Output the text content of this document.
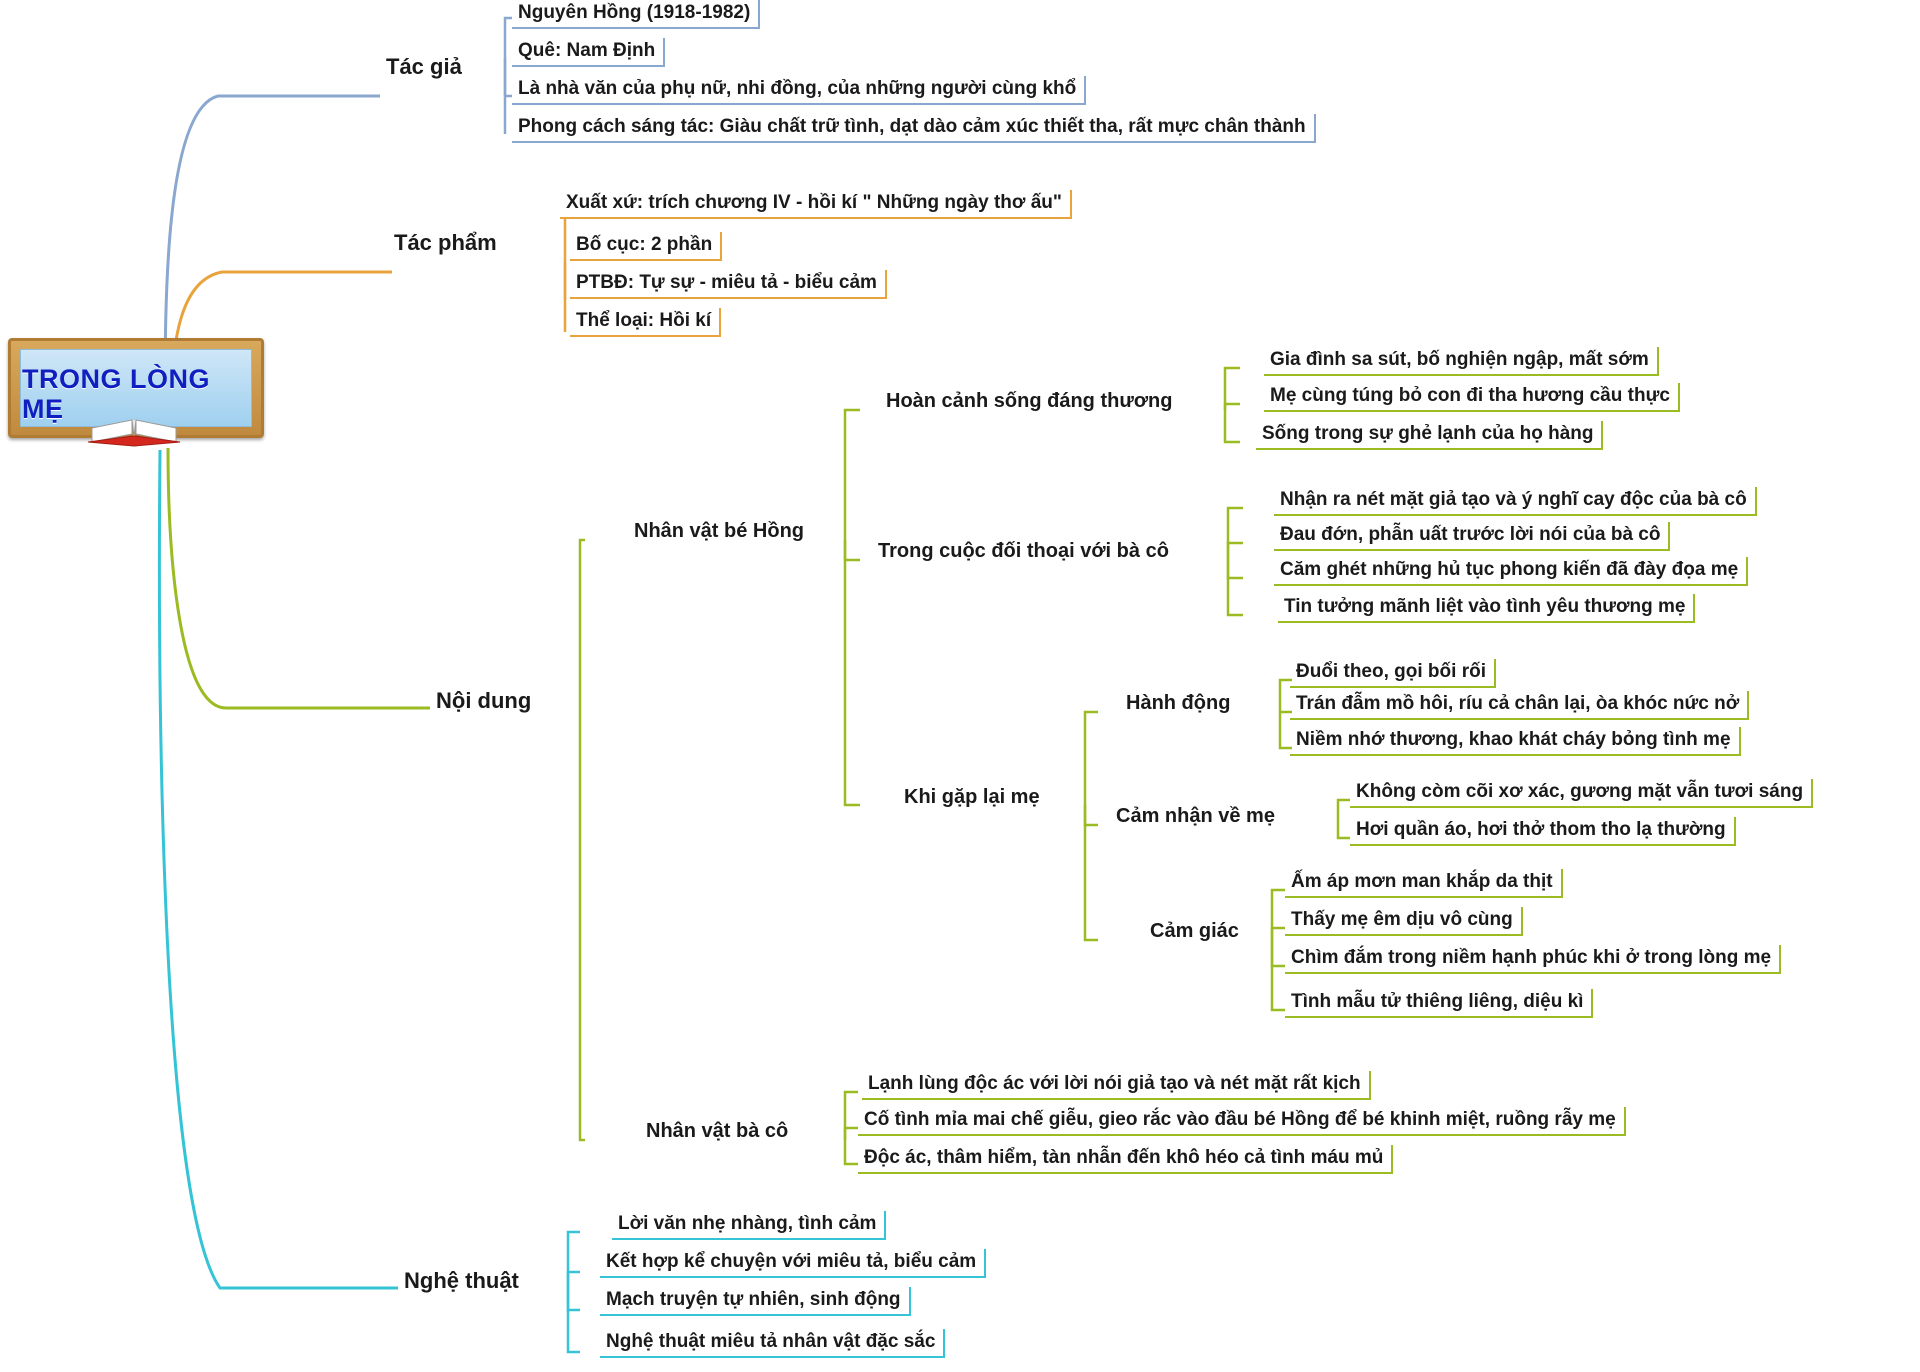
TRONG LÒNG MẸ
Tác giả
Nguyên Hồng (1918-1982)
Quê: Nam Định
Là nhà văn của phụ nữ, nhi đồng, của những người cùng khổ
Phong cách sáng tác: Giàu chất trữ tình, dạt dào cảm xúc thiết tha, rất mực chân thành
Tác phẩm
Xuất xứ: trích chương IV - hồi kí " Những ngày thơ ấu"
Bố cục: 2 phần
PTBĐ: Tự sự - miêu tả - biểu cảm
Thể loại: Hồi kí
Nội dung
Nhân vật bé Hồng
Hoàn cảnh sống đáng thương
Gia đình sa sút, bố nghiện ngập, mất sớm
Mẹ cùng túng bỏ con đi tha hương cầu thực
Sống trong sự ghẻ lạnh của họ hàng
Trong cuộc đối thoại với bà cô
Nhận ra nét mặt giả tạo và ý nghĩ cay độc của bà cô
Đau đớn, phẫn uất trước lời nói của bà cô
Căm ghét những hủ tục phong kiến đã đày đọa mẹ
Tin tưởng mãnh liệt vào tình yêu thương mẹ
Khi gặp lại mẹ
Hành động
Đuổi theo, gọi bối rối
Trán đẫm mồ hôi, ríu cả chân lại, òa khóc nức nở
Niềm nhớ thương, khao khát cháy bỏng tình mẹ
Cảm nhận về mẹ
Không còm cõi xơ xác, gương mặt vẫn tươi sáng
Hơi quần áo, hơi thở thom tho lạ thường
Cảm giác
Ấm áp mơn man khắp da thịt
Thấy mẹ êm dịu vô cùng
Chìm đắm trong niềm hạnh phúc khi ở trong lòng mẹ
Tình mẫu tử thiêng liêng, diệu kì
Nhân vật bà cô
Lạnh lùng độc ác với lời nói giả tạo và nét mặt rất kịch
Cố tình mỉa mai chế giễu, gieo rắc vào đầu bé Hồng để bé khinh miệt, ruồng rẫy mẹ
Độc ác, thâm hiểm, tàn nhẫn đến khô héo cả tình máu mủ
Nghệ thuật
Lời văn nhẹ nhàng, tình cảm
Kết hợp kể chuyện với miêu tả, biểu cảm
Mạch truyện tự nhiên, sinh động
Nghệ thuật miêu tả nhân vật đặc sắc
